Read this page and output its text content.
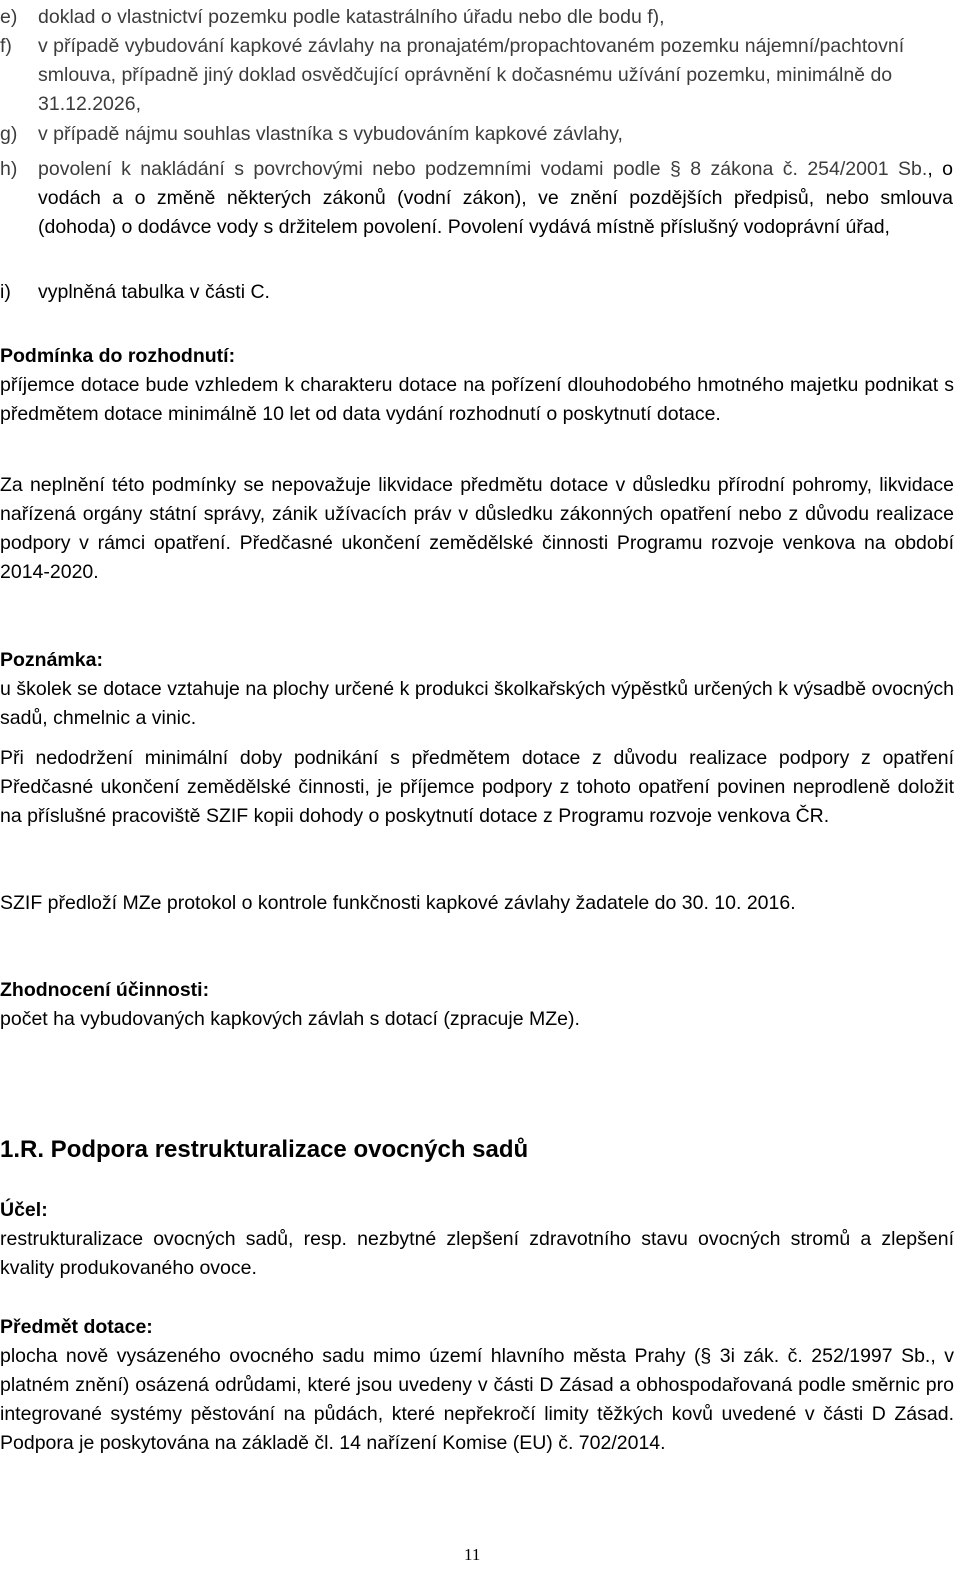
e) doklad o vlastnictví pozemku podle katastrálního úřadu nebo dle bodu f),
f) v případě vybudování kapkové závlahy na pronajatém/propachtovaném pozemku nájemní/pachtovní smlouva, případně jiný doklad osvědčující oprávnění k dočasnému užívání pozemku, minimálně do 31.12.2026,
g) v případě nájmu souhlas vlastníka s vybudováním kapkové závlahy,
h) povolení k nakládání s povrchovými nebo podzemními vodami podle § 8 zákona č. 254/2001 Sb., o vodách a o změně některých zákonů (vodní zákon), ve znění pozdějších předpisů, nebo smlouva (dohoda) o dodávce vody s držitelem povolení. Povolení vydává místně příslušný vodoprávní úřad,
i) vyplněná tabulka v části C.
Podmínka do rozhodnutí:
příjemce dotace bude vzhledem k charakteru dotace na pořízení dlouhodobého hmotného majetku podnikat s předmětem dotace minimálně 10 let od data vydání rozhodnutí o poskytnutí dotace.
Za neplnění této podmínky se nepovažuje likvidace předmětu dotace v důsledku přírodní pohromy, likvidace nařízená orgány státní správy, zánik užívacích práv v důsledku zákonných opatření nebo z důvodu realizace podpory v rámci opatření. Předčasné ukončení zemědělské činnosti Programu rozvoje venkova na období 2014-2020.
Poznámka:
u školek se dotace vztahuje na plochy určené k produkci školkařských výpěstků určených k výsadbě ovocných sadů, chmelnic a vinic.
Při nedodržení minimální doby podnikání s předmětem dotace z důvodu realizace podpory z opatření Předčasné ukončení zemědělské činnosti, je příjemce podpory z tohoto opatření povinen neprodleně doložit na příslušné pracoviště SZIF kopii dohody o poskytnutí dotace z Programu rozvoje venkova ČR.
SZIF předloží MZe protokol o kontrole funkčnosti kapkové závlahy žadatele do 30. 10. 2016.
Zhodnocení účinnosti:
počet ha vybudovaných kapkových závlah s dotací (zpracuje MZe).
1.R. Podpora restrukturalizace ovocných sadů
Účel:
restrukturalizace ovocných sadů, resp. nezbytné zlepšení zdravotního stavu ovocných stromů a zlepšení kvality produkovaného ovoce.
Předmět dotace:
plocha nově vysázeného ovocného sadu mimo území hlavního města Prahy (§ 3i zák. č. 252/1997 Sb., v platném znění) osázená odrůdami, které jsou uvedeny v části D Zásad a obhospodařovaná podle směrnic pro integrované systémy pěstování na půdách, které nepřekročí limity těžkých kovů uvedené v části D Zásad. Podpora je poskytována na základě čl. 14 nařízení Komise (EU) č. 702/2014.
11
